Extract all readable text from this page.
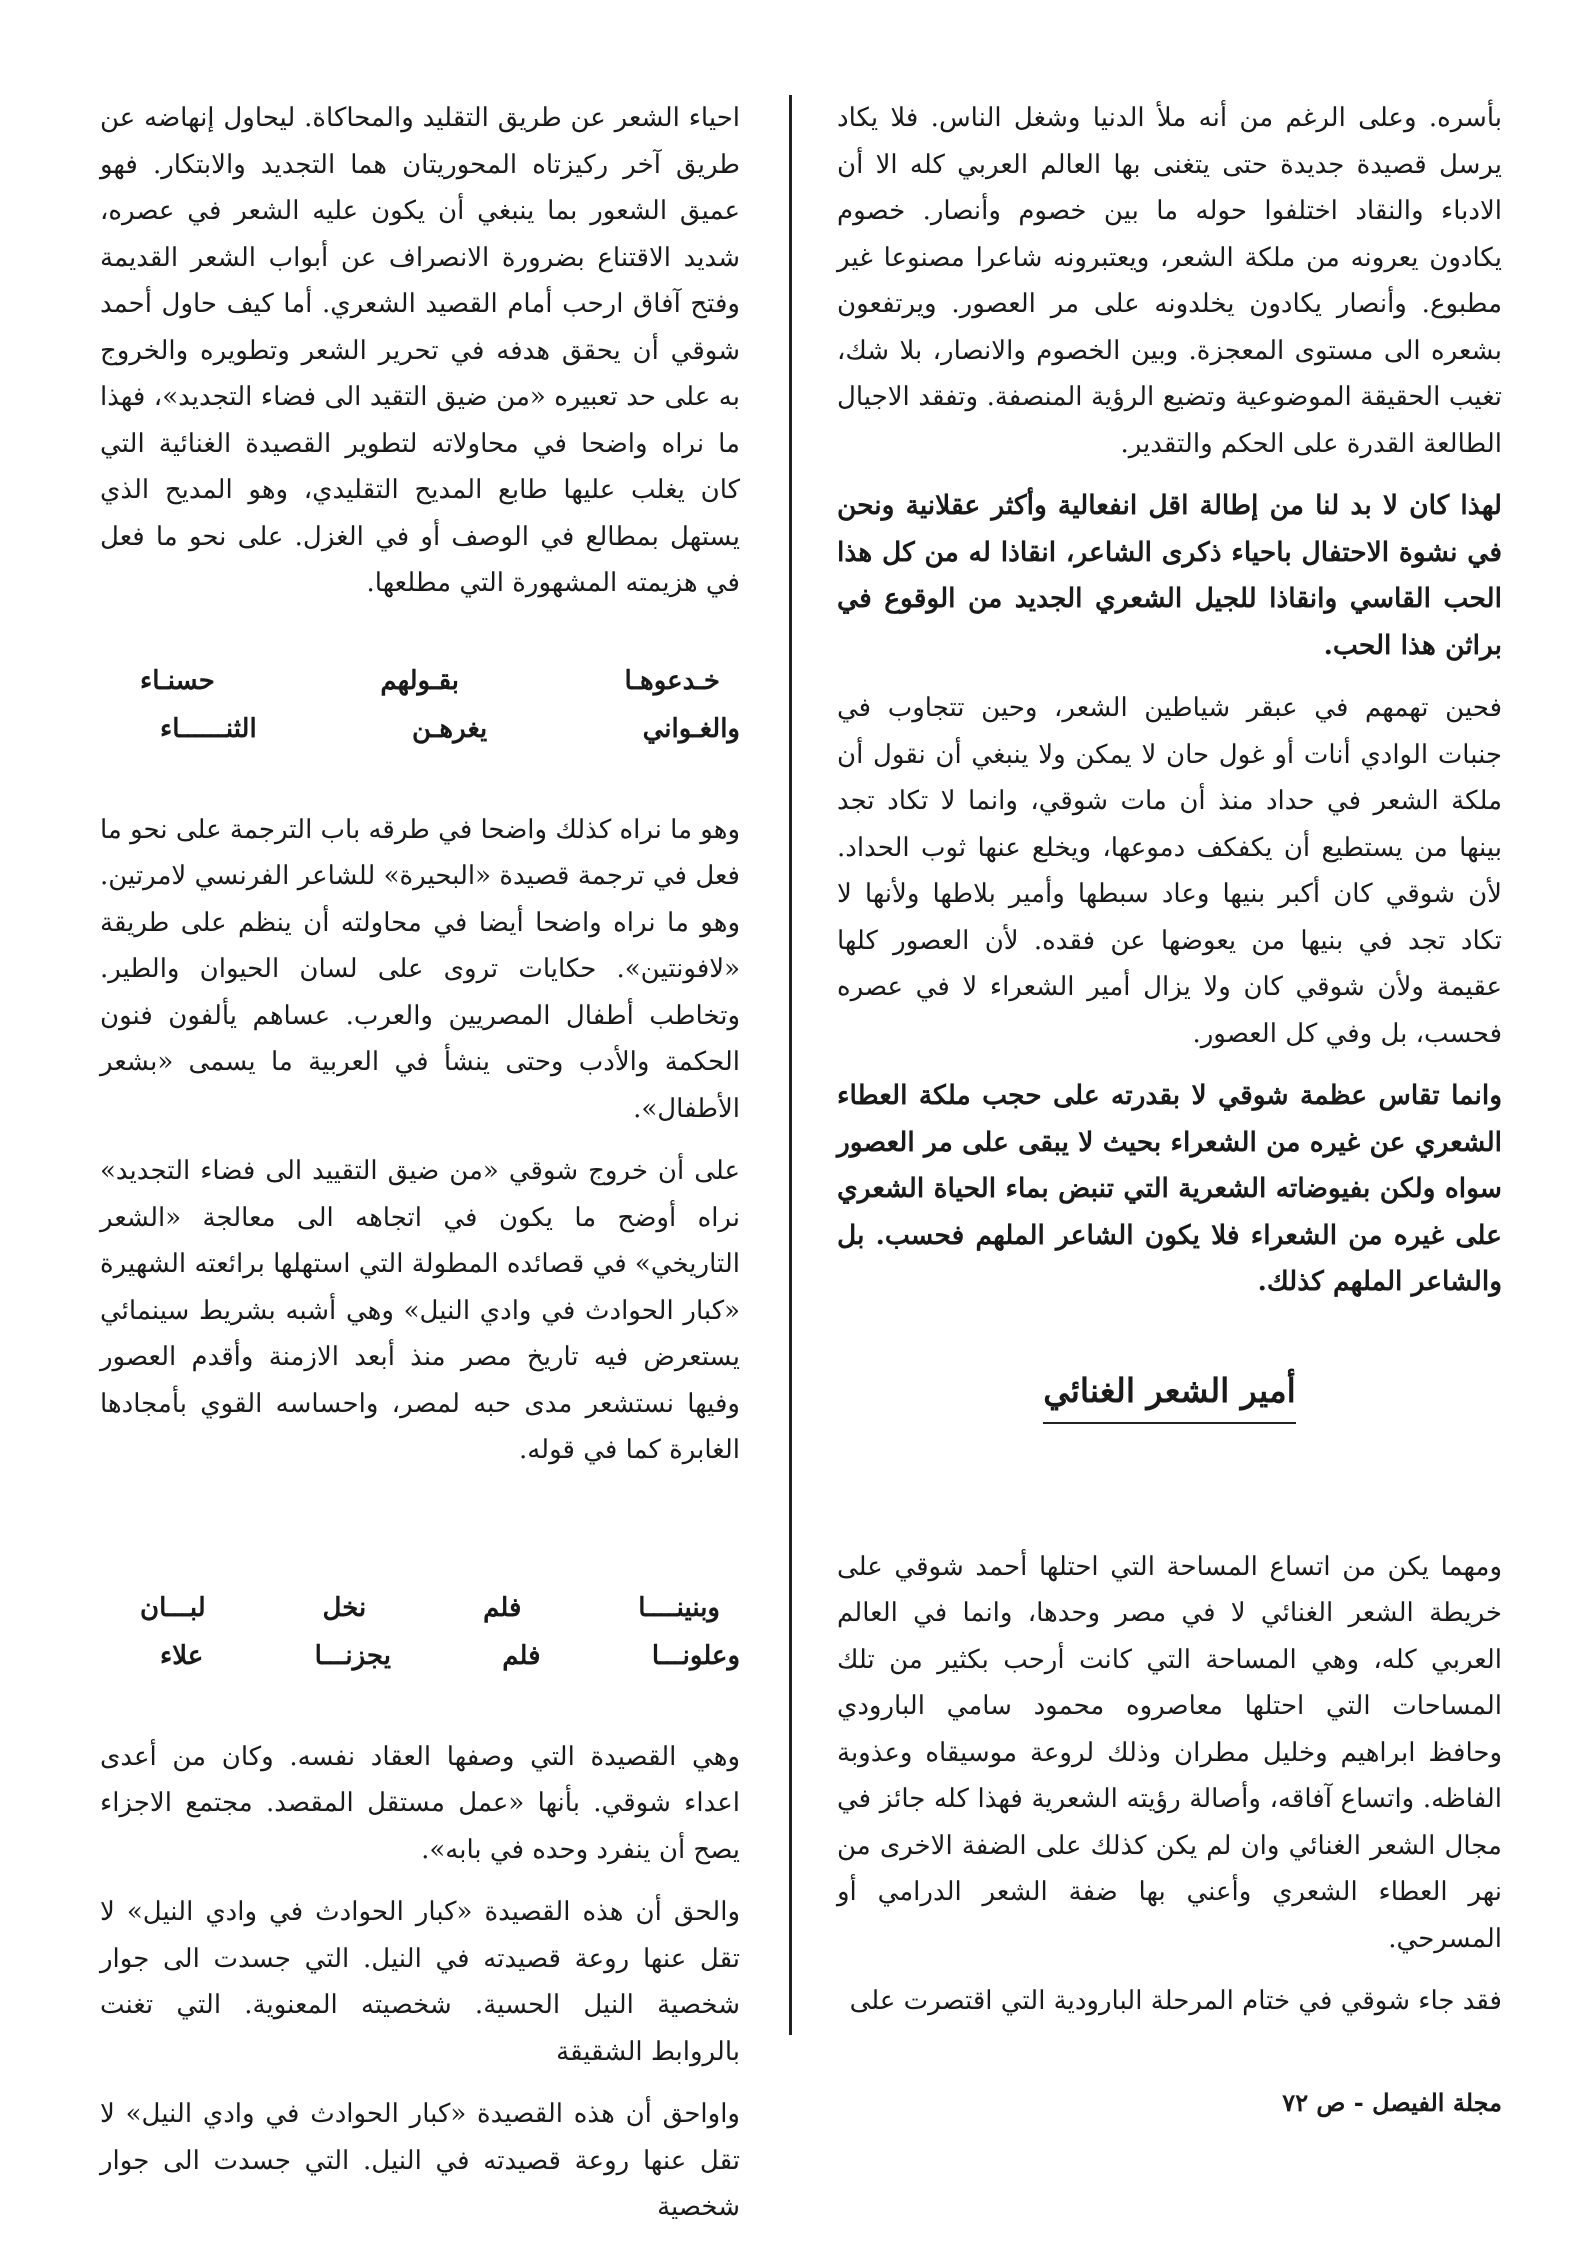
بأسره. وعلى الرغم من أنه ملأ الدنيا وشغل الناس. فلا يكاد يرسل قصيدة جديدة حتى يتغنى بها العالم العربي كله الا أن الادباء والنقاد اختلفوا حوله ما بين خصوم وأنصار. خصوم يكادون يعرونه من ملكة الشعر، ويعتبرونه شاعرا مصنوعا غير مطبوع. وأنصار يكادون يخلدونه على مر العصور. ويرتفعون بشعره الى مستوى المعجزة. وبين الخصوم والانصار، بلا شك، تغيب الحقيقة الموضوعية وتضيع الرؤية المنصفة. وتفقد الاجيال الطالعة القدرة على الحكم والتقدير.

لهذا كان لا بد لنا من إطالة اقل انفعالية وأكثر عقلانية ونحن في نشوة الاحتفال باحياء ذكرى الشاعر، انقاذا له من كل هذا الحب القاسي وانقاذا للجيل الشعري الجديد من الوقوع في براثن هذا الحب.

فحين تهمهم في عبقر شياطين الشعر، وحين تتجاوب في جنبات الوادي أنات أو غول حان لا يمكن ولا ينبغي أن نقول أن ملكة الشعر في حداد منذ أن مات شوقي، وانما لا تكاد تجد بينها من يستطيع أن يكفكف دموعها، ويخلع عنها ثوب الحداد. لأن شوقي كان أكبر بنيها وعاد سبطها وأمير بلاطها ولأنها لا تكاد تجد في بنيها من يعوضها عن فقده. لأن العصور كلها عقيمة ولأن شوقي كان ولا يزال أمير الشعراء لا في عصره فحسب، بل وفي كل العصور.

وانما تقاس عظمة شوقي لا بقدرته على حجب ملكة العطاء الشعري عن غيره من الشعراء بحيث لا يبقى على مر العصور سواه ولكن بفيوضاته الشعرية التي تنبض بماء الحياة الشعري على غيره من الشعراء فلا يكون الشاعر الملهم فحسب. بل والشاعر الملهم كذلك.

أمير الشعر الغنائي

ومهما يكن من اتساع المساحة التي احتلها أحمد شوقي على خريطة الشعر الغنائي لا في مصر وحدها، وانما في العالم العربي كله، وهي المساحة التي كانت أرحب بكثير من تلك المساحات التي احتلها معاصروه محمود سامي البارودي وحافظ ابراهيم وخليل مطران وذلك لروعة موسيقاه وعذوبة الفاظه. واتساع آفاقه، وأصالة رؤيته الشعرية فهذا كله جائز في مجال الشعر الغنائي وان لم يكن كذلك على الضفة الاخرى من نهر العطاء الشعري وأعني بها ضفة الشعر الدرامي أو المسرحي.

فقد جاء شوقي في ختام المرحلة البارودية التي اقتصرت على

احياء الشعر عن طريق التقليد والمحاكاة. ليحاول إنهاضه عن طريق آخر ركيزتاه المحوريتان هما التجديد والابتكار. فهو عميق الشعور بما ينبغي أن يكون عليه الشعر في عصره، شديد الاقتناع بضرورة الانصراف عن أبواب الشعر القديمة وفتح آفاق ارحب أمام القصيد الشعري. أما كيف حاول أحمد شوقي أن يحقق هدفه في تحرير الشعر وتطويره والخروج به على حد تعبيره «من ضيق التقيد الى فضاء التجديد»، فهذا ما نراه واضحا في محاولاته لتطوير القصيدة الغنائية التي كان يغلب عليها طابع المديح التقليدي، وهو المديح الذي يستهل بمطالع في الوصف أو في الغزل. على نحو ما فعل في هزيمته المشهورة التي مطلعها.

خـدعوهـا
بقـولهم
حسنـاء
والغـواني
يغرهـن
الثنــــــاء

وهو ما نراه كذلك واضحا في طرقه باب الترجمة على نحو ما فعل في ترجمة قصيدة «البحيرة» للشاعر الفرنسي لامرتين. وهو ما نراه واضحا أيضا في محاولته أن ينظم على طريقة «لافونتين». حكايات تروى على لسان الحيوان والطير. وتخاطب أطفال المصريين والعرب. عساهم يألفون فنون الحكمة والأدب وحتى ينشأ في العربية ما يسمى «بشعر الأطفال».

على أن خروج شوقي «من ضيق التقييد الى فضاء التجديد» نراه أوضح ما يكون في اتجاهه الى معالجة «الشعر التاريخي» في قصائده المطولة التي استهلها برائعته الشهيرة «كبار الحوادث في وادي النيل» وهي أشبه بشريط سينمائي يستعرض فيه تاريخ مصر منذ أبعد الازمنة وأقدم العصور وفيها نستشعر مدى حبه لمصر، واحساسه القوي بأمجادها الغابرة كما في قوله.

وبنينــــا
فلم
نخل
لبـــان
وعلونـــا
فلم
يجزنـــا
علاء

وهي القصيدة التي وصفها العقاد نفسه. وكان من أعدى اعداء شوقي. بأنها «عمل مستقل المقصد. مجتمع الاجزاء يصح أن ينفرد وحده في بابه».

والحق أن هذه القصيدة «كبار الحوادث في وادي النيل» لا تقل عنها روعة قصيدته في النيل. التي جسدت الى جوار شخصية النيل الحسية. شخصيته المعنوية. التي تغنت بالروابط الشقيقة

واواحق أن هذه القصيدة «كبار الحوادث في وادي النيل» لا تقل عنها روعة قصيدته في النيل. التي جسدت الى جوار شخصية

مجلة الفيصل - ص ٧٢
